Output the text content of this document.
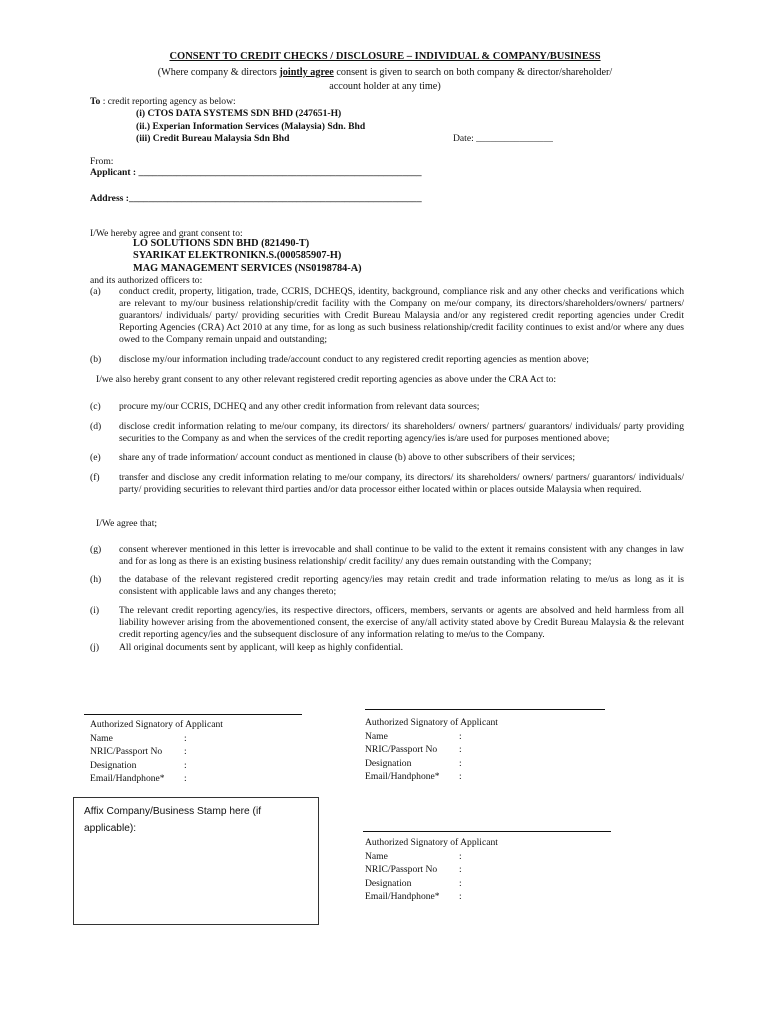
CONSENT TO CREDIT CHECKS / DISCLOSURE – INDIVIDUAL & COMPANY/BUSINESS
(Where company & directors jointly agree consent is given to search on both company & director/shareholder/
account holder at any time)
To : credit reporting agency as below:
(i) CTOS DATA SYSTEMS SDN BHD (247651-H)
(ii.) Experian Information Services (Malaysia) Sdn. Bhd
(iii) Credit Bureau Malaysia Sdn Bhd	Date: ________________
From:
Applicant : ___________________________________________________________
Address :_____________________________________________________________
I/We hereby agree and grant consent to:
LO SOLUTIONS SDN BHD (821490-T)
SYARIKAT ELEKTRONIKN.S.(000585907-H)
MAG MANAGEMENT SERVICES (NS0198784-A)
and its authorized officers to:
(a)	conduct credit, property, litigation, trade, CCRIS, DCHEQS, identity, background, compliance risk and any other checks and verifications which are relevant to my/our business relationship/credit facility with the Company on me/our company, its directors/shareholders/owners/ partners/ guarantors/ individuals/ party/ providing securities with Credit Bureau Malaysia and/or any registered credit reporting agencies under Credit Reporting Agencies (CRA) Act 2010 at any time, for as long as such business relationship/credit facility continues to exist and/or where any dues owed to the Company remain unpaid and outstanding;
(b)	disclose my/our information including trade/account conduct to any registered credit reporting agencies as mention above;
I/we also hereby grant consent to any other relevant registered credit reporting agencies as above under the CRA Act to:
(c)	procure my/our CCRIS, DCHEQ and any other credit information from relevant data sources;
(d)	disclose credit information relating to me/our company, its directors/ its shareholders/ owners/ partners/ guarantors/ individuals/ party providing securities to the Company as and when the services of the credit reporting agency/ies is/are used for purposes mentioned above;
(e)	share any of trade information/ account conduct as mentioned in clause (b) above to other subscribers of their services;
(f)	transfer and disclose any credit information relating to me/our company, its directors/ its shareholders/ owners/ partners/ guarantors/ individuals/ party/ providing securities to relevant third parties and/or data processor either located within or places outside Malaysia when required.
I/We agree that;
(g)	consent wherever mentioned in this letter is irrevocable and shall continue to be valid to the extent it remains consistent with any changes in law and for as long as there is an existing business relationship/ credit facility/ any dues remain outstanding with the Company;
(h)	the database of the relevant registered credit reporting agency/ies may retain credit and trade information relating to me/us as long as it is consistent with applicable laws and any changes thereto;
(i)	The relevant credit reporting agency/ies, its respective directors, officers, members, servants or agents are absolved and held harmless from all liability however arising from the abovementioned consent, the exercise of any/all activity stated above by Credit Bureau Malaysia & the relevant credit reporting agency/ies and the subsequent disclosure of any information relating to me/us to the Company.
(j)	All original documents sent by applicant, will keep as highly confidential.
Authorized Signatory of Applicant
Name	:
NRIC/Passport No	:
Designation	:
Email/Handphone*	:
Authorized Signatory of Applicant
Name	:
NRIC/Passport No	:
Designation	:
Email/Handphone*	:
Affix Company/Business Stamp here (if
applicable):
Authorized Signatory of Applicant
Name	:
NRIC/Passport No	:
Designation	:
Email/Handphone*	:
